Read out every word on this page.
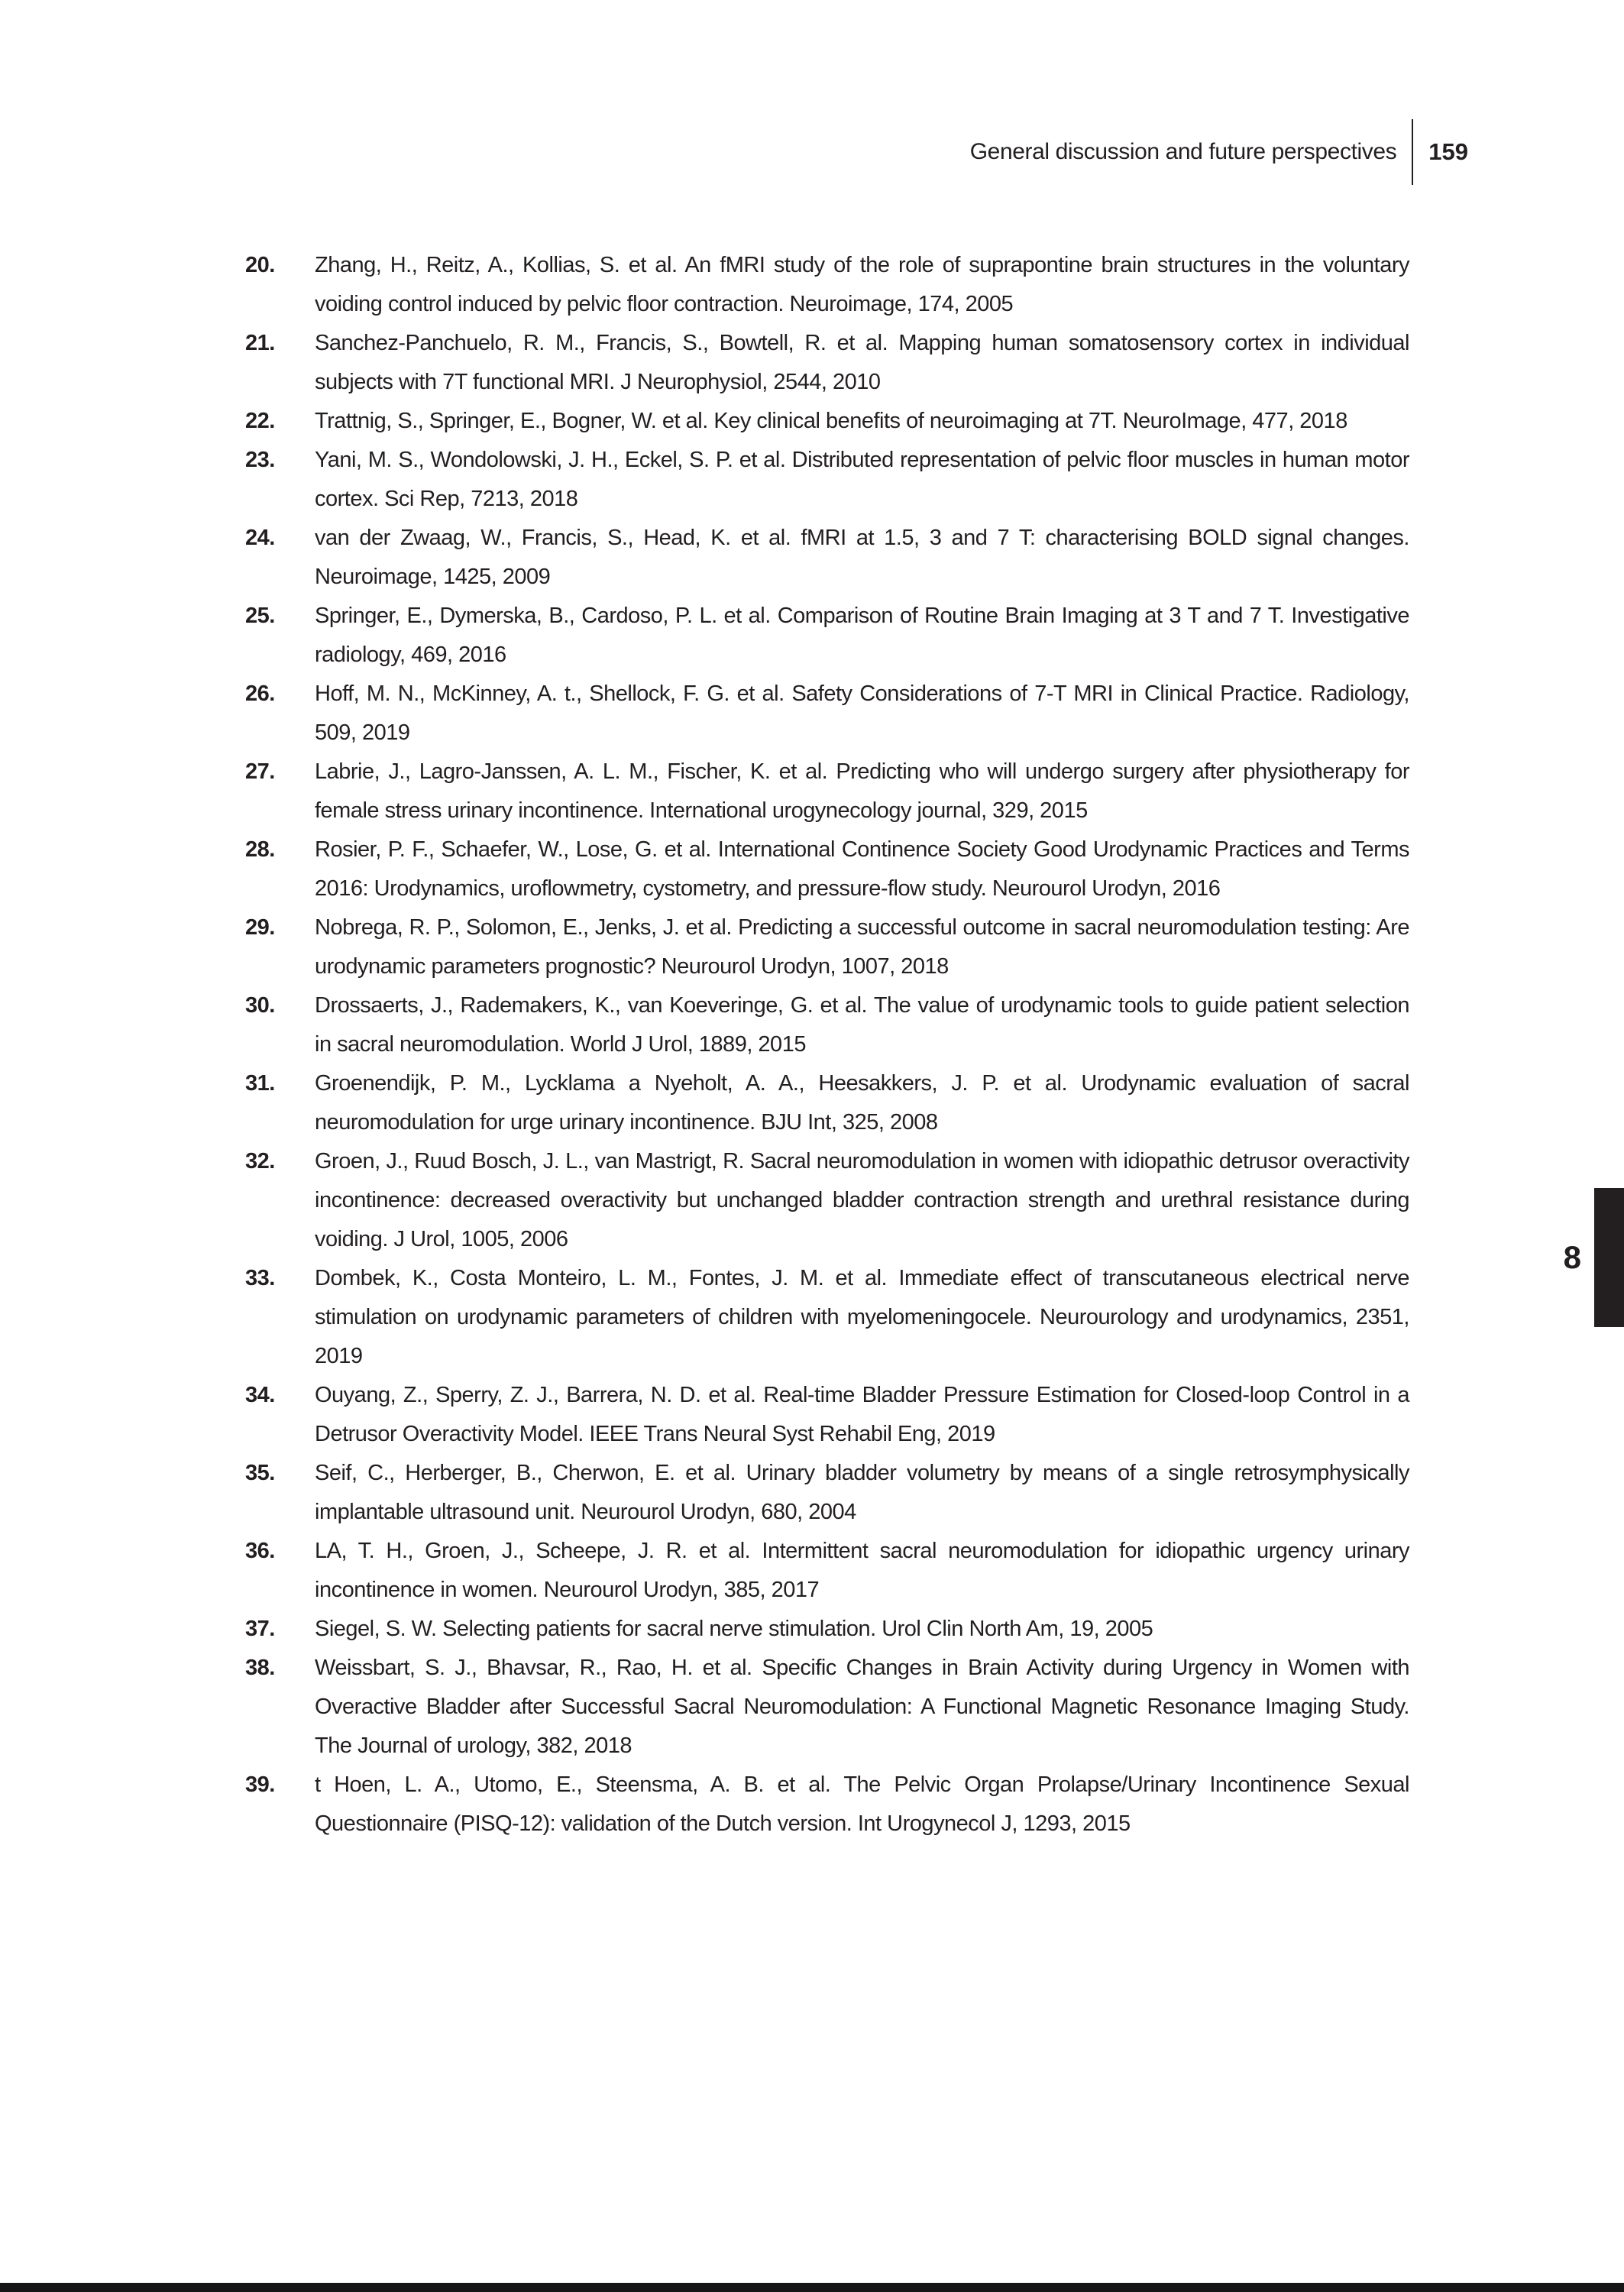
General discussion and future perspectives 159
20.	Zhang, H., Reitz, A., Kollias, S. et al. An fMRI study of the role of suprapontine brain structures in the voluntary voiding control induced by pelvic floor contraction. Neuroimage, 174, 2005
21.	Sanchez-Panchuelo, R. M., Francis, S., Bowtell, R. et al. Mapping human somatosensory cortex in individual subjects with 7T functional MRI. J Neurophysiol, 2544, 2010
22.	Trattnig, S., Springer, E., Bogner, W. et al. Key clinical benefits of neuroimaging at 7T. NeuroImage, 477, 2018
23.	Yani, M. S., Wondolowski, J. H., Eckel, S. P. et al. Distributed representation of pelvic floor muscles in human motor cortex. Sci Rep, 7213, 2018
24.	van der Zwaag, W., Francis, S., Head, K. et al. fMRI at 1.5, 3 and 7 T: characterising BOLD signal changes. Neuroimage, 1425, 2009
25.	Springer, E., Dymerska, B., Cardoso, P. L. et al. Comparison of Routine Brain Imaging at 3 T and 7 T. Investigative radiology, 469, 2016
26.	Hoff, M. N., McKinney, A. t., Shellock, F. G. et al. Safety Considerations of 7-T MRI in Clinical Practice. Radiology, 509, 2019
27.	Labrie, J., Lagro-Janssen, A. L. M., Fischer, K. et al. Predicting who will undergo surgery after physiotherapy for female stress urinary incontinence. International urogynecology journal, 329, 2015
28.	Rosier, P. F., Schaefer, W., Lose, G. et al. International Continence Society Good Urodynamic Practices and Terms 2016: Urodynamics, uroflowmetry, cystometry, and pressure-flow study. Neurourol Urodyn, 2016
29.	Nobrega, R. P., Solomon, E., Jenks, J. et al. Predicting a successful outcome in sacral neuromodulation testing: Are urodynamic parameters prognostic? Neurourol Urodyn, 1007, 2018
30.	Drossaerts, J., Rademakers, K., van Koeveringe, G. et al. The value of urodynamic tools to guide patient selection in sacral neuromodulation. World J Urol, 1889, 2015
31.	Groenendijk, P. M., Lycklama a Nyeholt, A. A., Heesakkers, J. P. et al. Urodynamic evaluation of sacral neuromodulation for urge urinary incontinence. BJU Int, 325, 2008
32.	Groen, J., Ruud Bosch, J. L., van Mastrigt, R. Sacral neuromodulation in women with idiopathic detrusor overactivity incontinence: decreased overactivity but unchanged bladder contraction strength and urethral resistance during voiding. J Urol, 1005, 2006
33.	Dombek, K., Costa Monteiro, L. M., Fontes, J. M. et al. Immediate effect of transcutaneous electrical nerve stimulation on urodynamic parameters of children with myelomeningocele. Neurourology and urodynamics, 2351, 2019
34.	Ouyang, Z., Sperry, Z. J., Barrera, N. D. et al. Real-time Bladder Pressure Estimation for Closed-loop Control in a Detrusor Overactivity Model. IEEE Trans Neural Syst Rehabil Eng, 2019
35.	Seif, C., Herberger, B., Cherwon, E. et al. Urinary bladder volumetry by means of a single retrosymphysically implantable ultrasound unit. Neurourol Urodyn, 680, 2004
36.	LA, T. H., Groen, J., Scheepe, J. R. et al. Intermittent sacral neuromodulation for idiopathic urgency urinary incontinence in women. Neurourol Urodyn, 385, 2017
37.	Siegel, S. W. Selecting patients for sacral nerve stimulation. Urol Clin North Am, 19, 2005
38.	Weissbart, S. J., Bhavsar, R., Rao, H. et al. Specific Changes in Brain Activity during Urgency in Women with Overactive Bladder after Successful Sacral Neuromodulation: A Functional Magnetic Resonance Imaging Study. The Journal of urology, 382, 2018
39.	t Hoen, L. A., Utomo, E., Steensma, A. B. et al. The Pelvic Organ Prolapse/Urinary Incontinence Sexual Questionnaire (PISQ-12): validation of the Dutch version. Int Urogynecol J, 1293, 2015
8
